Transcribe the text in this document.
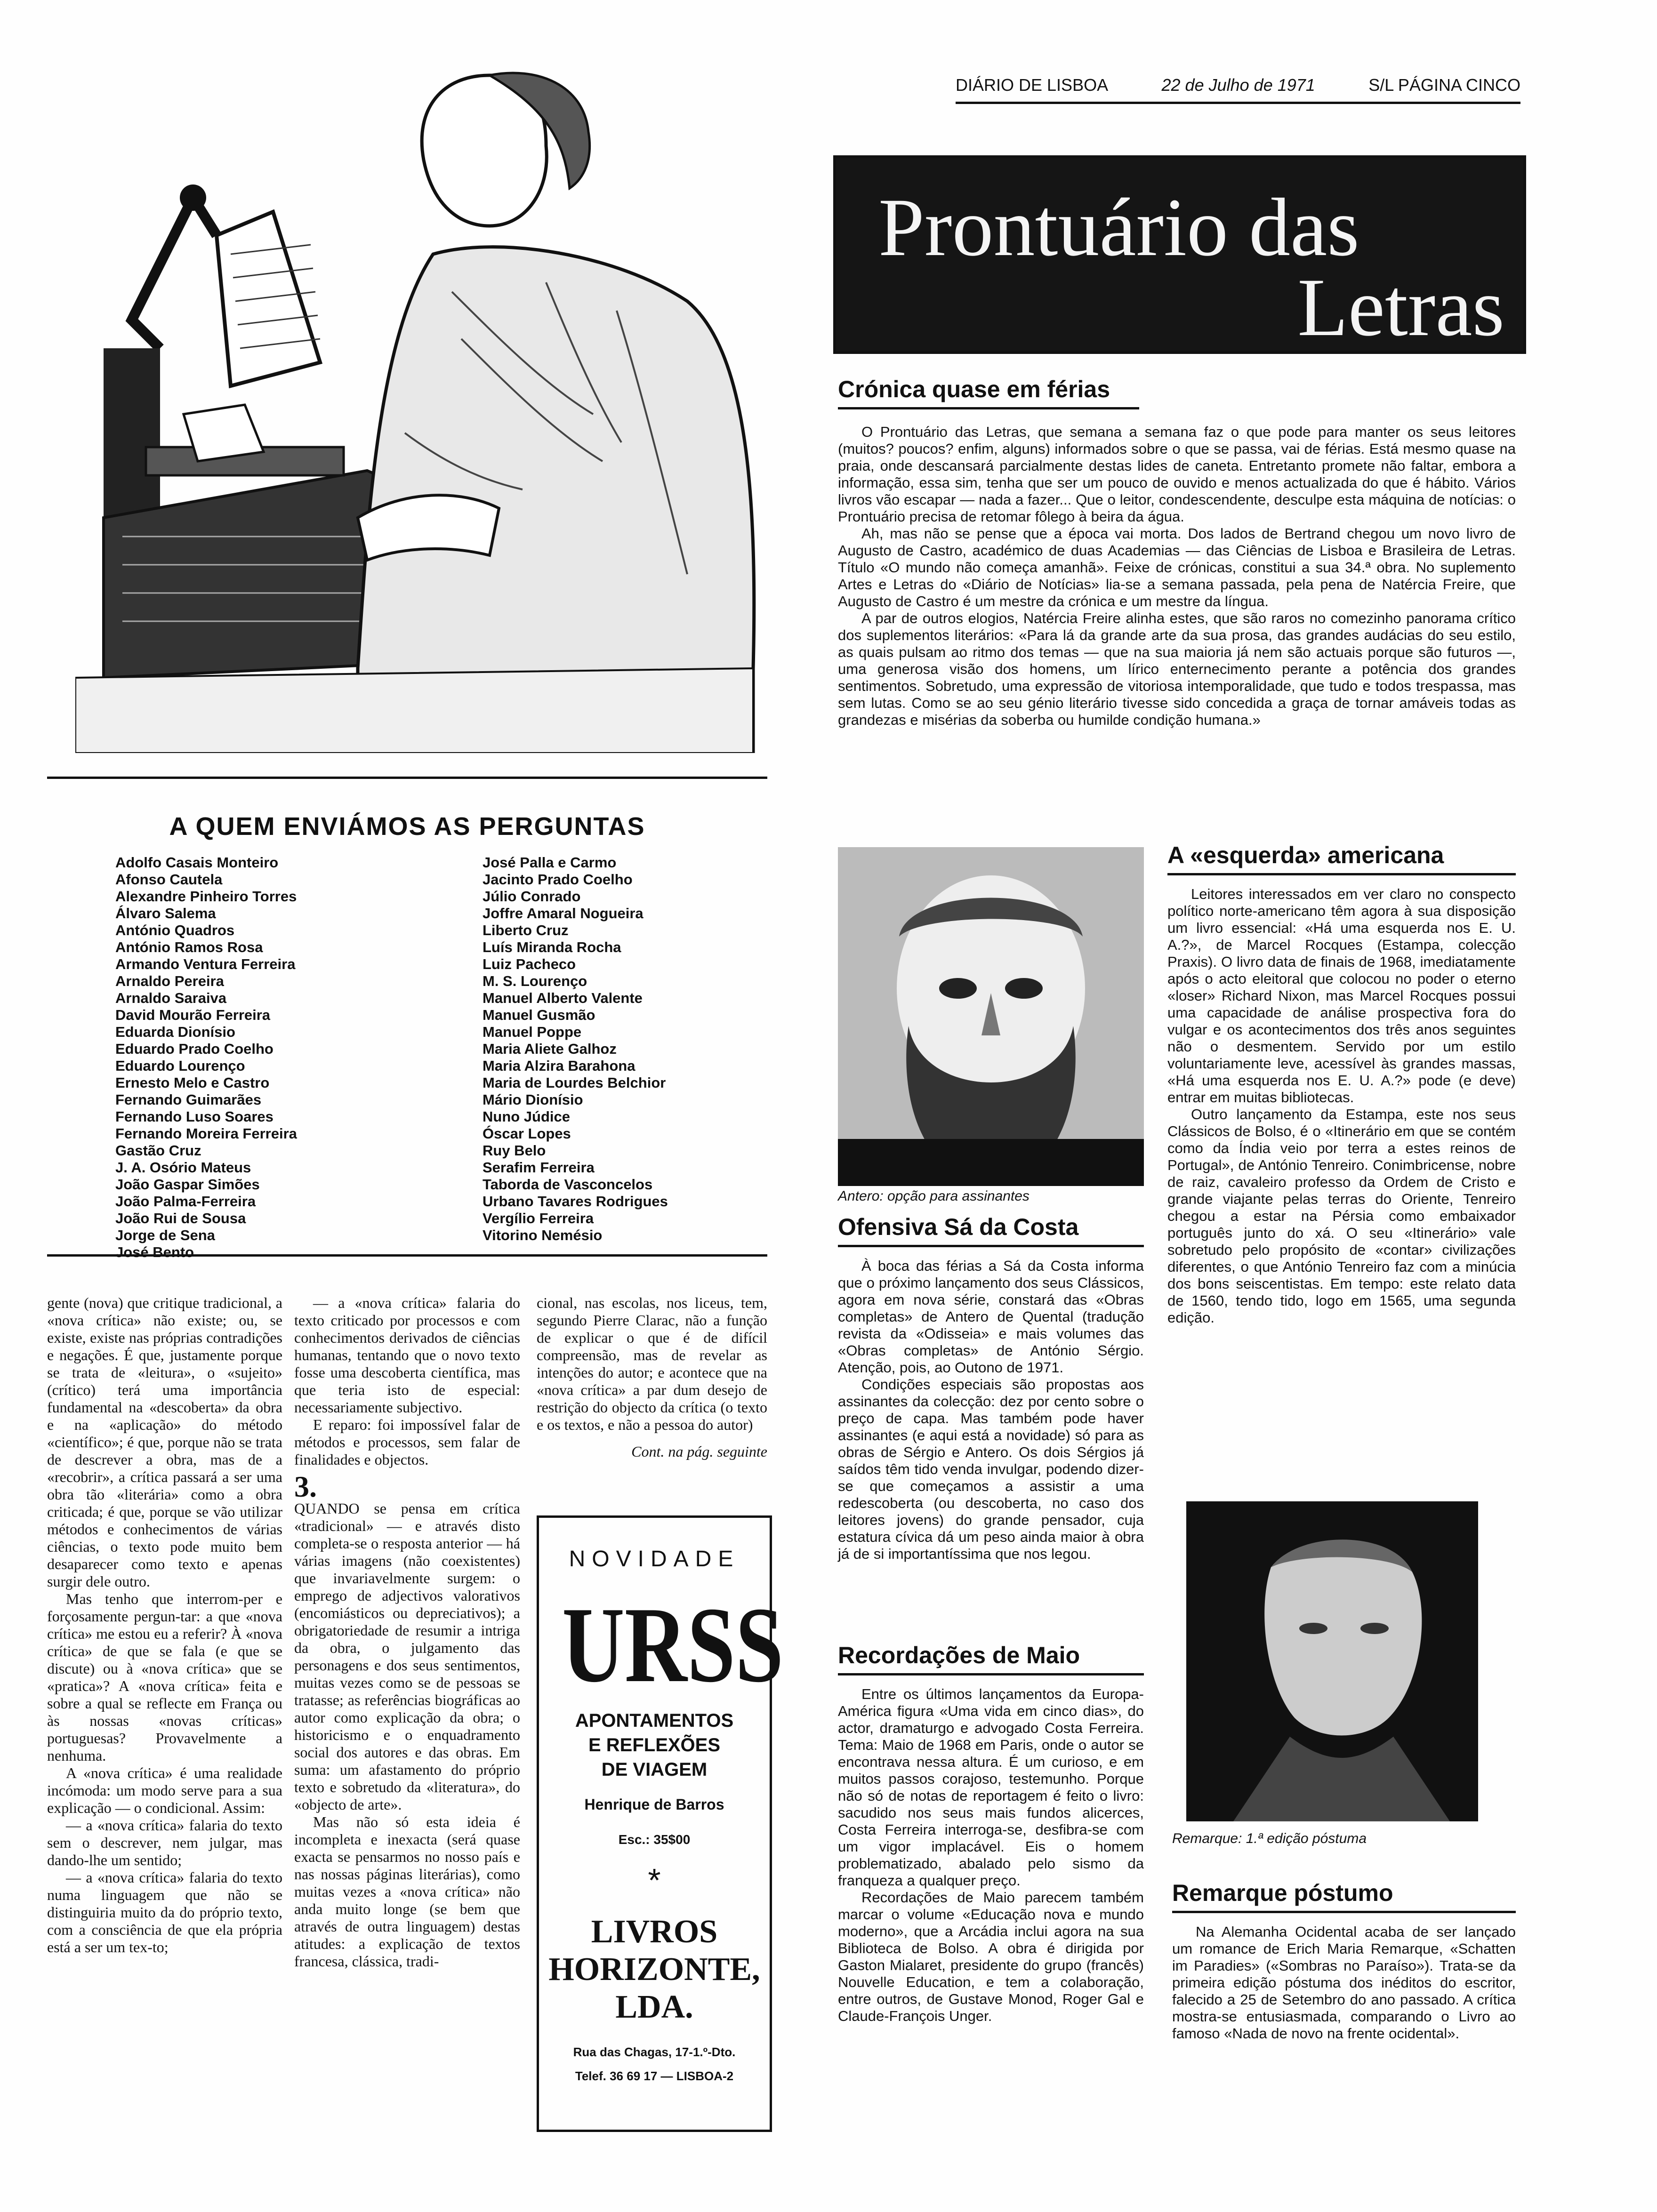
DIÁRIO DE LISBOA	22 de Julho de 1971	S/L PÁGINA CINCO
Prontuário das
Letras
Crónica quase em férias

O Prontuário das Letras, que semana a semana faz o que pode para manter os seus leitores (muitos? poucos? enfim, alguns) informados sobre o que se passa, vai de férias. Está mesmo quase na praia, onde descansará parcialmente destas lides de caneta. Entretanto promete não faltar, embora a informação, essa sim, tenha que ser um pouco de ouvido e menos actualizada do que é hábito. Vários livros vão escapar — nada a fazer... Que o leitor, condescendente, desculpe esta máquina de notícias: o Prontuário precisa de retomar fôlego à beira da água.

Ah, mas não se pense que a época vai morta. Dos lados de Bertrand chegou um novo livro de Augusto de Castro, académico de duas Academias — das Ciências de Lisboa e Brasileira de Letras. Título «O mundo não começa amanhã». Feixe de crónicas, constitui a sua 34.ª obra. No suplemento Artes e Letras do «Diário de Notícias» lia-se a semana passada, pela pena de Natércia Freire, que Augusto de Castro é um mestre da crónica e um mestre da língua.

A par de outros elogios, Natércia Freire alinha estes, que são raros no comezinho panorama crítico dos suplementos literários: «Para lá da grande arte da sua prosa, das grandes audácias do seu estilo, as quais pulsam ao ritmo dos temas — que na sua maioria já nem são actuais porque são futuros —, uma generosa visão dos homens, um lírico enternecimento perante a potência dos grandes sentimentos. Sobretudo, uma expressão de vitoriosa intemporalidade, que tudo e todos trespassa, mas sem lutas. Como se ao seu génio literário tivesse sido concedida a graça de tornar amáveis todas as grandezas e misérias da soberba ou humilde condição humana.»

A QUEM ENVIÁMOS AS PERGUNTAS
Adolfo Casais Monteiro
Afonso Cautela
Alexandre Pinheiro Torres
Álvaro Salema
António Quadros
António Ramos Rosa
Armando Ventura Ferreira
Arnaldo Pereira
Arnaldo Saraiva
David Mourão Ferreira
Eduarda Dionísio
Eduardo Prado Coelho
Eduardo Lourenço
Ernesto Melo e Castro
Fernando Guimarães
Fernando Luso Soares
Fernando Moreira Ferreira
Gastão Cruz
J. A. Osório Mateus
João Gaspar Simões
João Palma-Ferreira
João Rui de Sousa
Jorge de Sena
José Bento
José Palla e Carmo
Jacinto Prado Coelho
Júlio Conrado
Joffre Amaral Nogueira
Liberto Cruz
Luís Miranda Rocha
Luiz Pacheco
M. S. Lourenço
Manuel Alberto Valente
Manuel Gusmão
Manuel Poppe
Maria Aliete Galhoz
Maria Alzira Barahona
Maria de Lourdes Belchior
Mário Dionísio
Nuno Júdice
Óscar Lopes
Ruy Belo
Serafim Ferreira
Taborda de Vasconcelos
Urbano Tavares Rodrigues
Vergílio Ferreira
Vitorino Nemésio

gente (nova) que critique tradicional, a «nova crítica» não existe; ou, se existe, existe nas próprias contradições e negações. É que, justamente porque se trata de «leitura», o «sujeito» (crítico) terá uma importância fundamental na «descoberta» da obra e na «aplicação» do método «científico»; é que, porque não se trata de descrever a obra, mas de a «recobrir», a crítica passará a ser uma obra tão «literária» como a obra criticada; é que, porque se vão utilizar métodos e conhecimentos de várias ciências, o texto pode muito bem desaparecer como texto e apenas surgir dele outro.

Mas tenho que interrom-per e forçosamente pergun-tar: a que «nova crítica» me estou eu a referir? À «nova crítica» de que se fala (e que se discute) ou à «nova crítica» que se «pratica»? A «nova crítica» feita e sobre a qual se reflecte em França ou às nossas «novas críticas» portuguesas? Provavelmente a nenhuma.

A «nova crítica» é uma realidade incómoda: um modo serve para a sua explicação — o condicional. Assim:

— a «nova crítica» falaria do texto sem o descrever, nem julgar, mas dando-lhe um sentido;

— a «nova crítica» falaria do texto numa linguagem que não se distinguiria muito da do próprio texto, com a consciência de que ela própria está a ser um tex-to;

— a «nova crítica» falaria do texto criticado por processos e com conhecimentos derivados de ciências humanas, tentando que o novo texto fosse uma descoberta científica, mas que teria isto de especial: necessariamente subjectivo.

E reparo: foi impossível falar de métodos e processos, sem falar de finalidades e objectos.

3.

QUANDO se pensa em crítica «tradicional» — e através disto completa-se o resposta anterior — há várias imagens (não coexistentes) que invariavelmente surgem: o emprego de adjectivos valorativos (encomiásticos ou depreciativos); a obrigatoriedade de resumir a intriga da obra, o julgamento das personagens e dos seus sentimentos, muitas vezes como se de pessoas se tratasse; as referências biográficas ao autor como explicação da obra; o historicismo e o enquadramento social dos autores e das obras. Em suma: um afastamento do próprio texto e sobretudo da «literatura», do «objecto de arte».

Mas não só esta ideia é incompleta e inexacta (será quase exacta se pensarmos no nosso país e nas nossas páginas literárias), como muitas vezes a «nova crítica» não anda muito longe (se bem que através de outra linguagem) destas atitudes: a explicação de textos francesa, clássica, tradi-

cional, nas escolas, nos liceus, tem, segundo Pierre Clarac, não a função de explicar o que é de difícil compreensão, mas de revelar as intenções do autor; e acontece que na «nova crítica» a par dum desejo de restrição do objecto da crítica (o texto e os textos, e não a pessoa do autor)

Cont. na pág. seguinte
NOVIDADE
URSS
APONTAMENTOS
E REFLEXÕES
DE VIAGEM
Henrique de Barros
Esc.: 35$00
*
LIVROS
HORIZONTE, LDA.
Rua das Chagas, 17-1.º-Dto.
Telef. 36 69 17 — LISBOA-2
Antero: opção para assinantes
Ofensiva Sá da Costa

À boca das férias a Sá da Costa informa que o próximo lançamento dos seus Clássicos, agora em nova série, constará das «Obras completas» de Antero de Quental (tradução revista da «Odisseia» e mais volumes das «Obras completas» de António Sérgio. Atenção, pois, ao Outono de 1971.

Condições especiais são propostas aos assinantes da colecção: dez por cento sobre o preço de capa. Mas também pode haver assinantes (e aqui está a novidade) só para as obras de Sérgio e Antero. Os dois Sérgios já saídos têm tido venda invulgar, podendo dizer-se que começamos a assistir a uma redescoberta (ou descoberta, no caso dos leitores jovens) do grande pensador, cuja estatura cívica dá um peso ainda maior à obra já de si importantíssima que nos legou.

Recordações de Maio

Entre os últimos lançamentos da Europa-América figura «Uma vida em cinco dias», do actor, dramaturgo e advogado Costa Ferreira. Tema: Maio de 1968 em Paris, onde o autor se encontrava nessa altura. É um curioso, e em muitos passos corajoso, testemunho. Porque não só de notas de reportagem é feito o livro: sacudido nos seus mais fundos alicerces, Costa Ferreira interroga-se, desfibra-se com um vigor implacável. Eis o homem problematizado, abalado pelo sismo da franqueza a qualquer preço.

Recordações de Maio parecem também marcar o volume «Educação nova e mundo moderno», que a Arcádia inclui agora na sua Biblioteca de Bolso. A obra é dirigida por Gaston Mialaret, presidente do grupo (francês) Nouvelle Education, e tem a colaboração, entre outros, de Gustave Monod, Roger Gal e Claude-François Unger.

A «esquerda» americana

Leitores interessados em ver claro no conspecto político norte-americano têm agora à sua disposição um livro essencial: «Há uma esquerda nos E. U. A.?», de Marcel Rocques (Estampa, colecção Praxis). O livro data de finais de 1968, imediatamente após o acto eleitoral que colocou no poder o eterno «loser» Richard Nixon, mas Marcel Rocques possui uma capacidade de análise prospectiva fora do vulgar e os acontecimentos dos três anos seguintes não o desmentem. Servido por um estilo voluntariamente leve, acessível às grandes massas, «Há uma esquerda nos E. U. A.?» pode (e deve) entrar em muitas bibliotecas.

Outro lançamento da Estampa, este nos seus Clássicos de Bolso, é o «Itinerário em que se contém como da Índia veio por terra a estes reinos de Portugal», de António Tenreiro. Conimbricense, nobre de raiz, cavaleiro professo da Ordem de Cristo e grande viajante pelas terras do Oriente, Tenreiro chegou a estar na Pérsia como embaixador português junto do xá. O seu «Itinerário» vale sobretudo pelo propósito de «contar» civilizações diferentes, o que António Tenreiro faz com a minúcia dos bons seiscentistas. Em tempo: este relato data de 1560, tendo tido, logo em 1565, uma segunda edição.

Remarque: 1.ª edição póstuma
Remarque póstumo

Na Alemanha Ocidental acaba de ser lançado um romance de Erich Maria Remarque, «Schatten im Paradies» («Sombras no Paraíso»). Trata-se da primeira edição póstuma dos inéditos do escritor, falecido a 25 de Setembro do ano passado. A crítica mostra-se entusiasmada, comparando o Livro ao famoso «Nada de novo na frente ocidental».
